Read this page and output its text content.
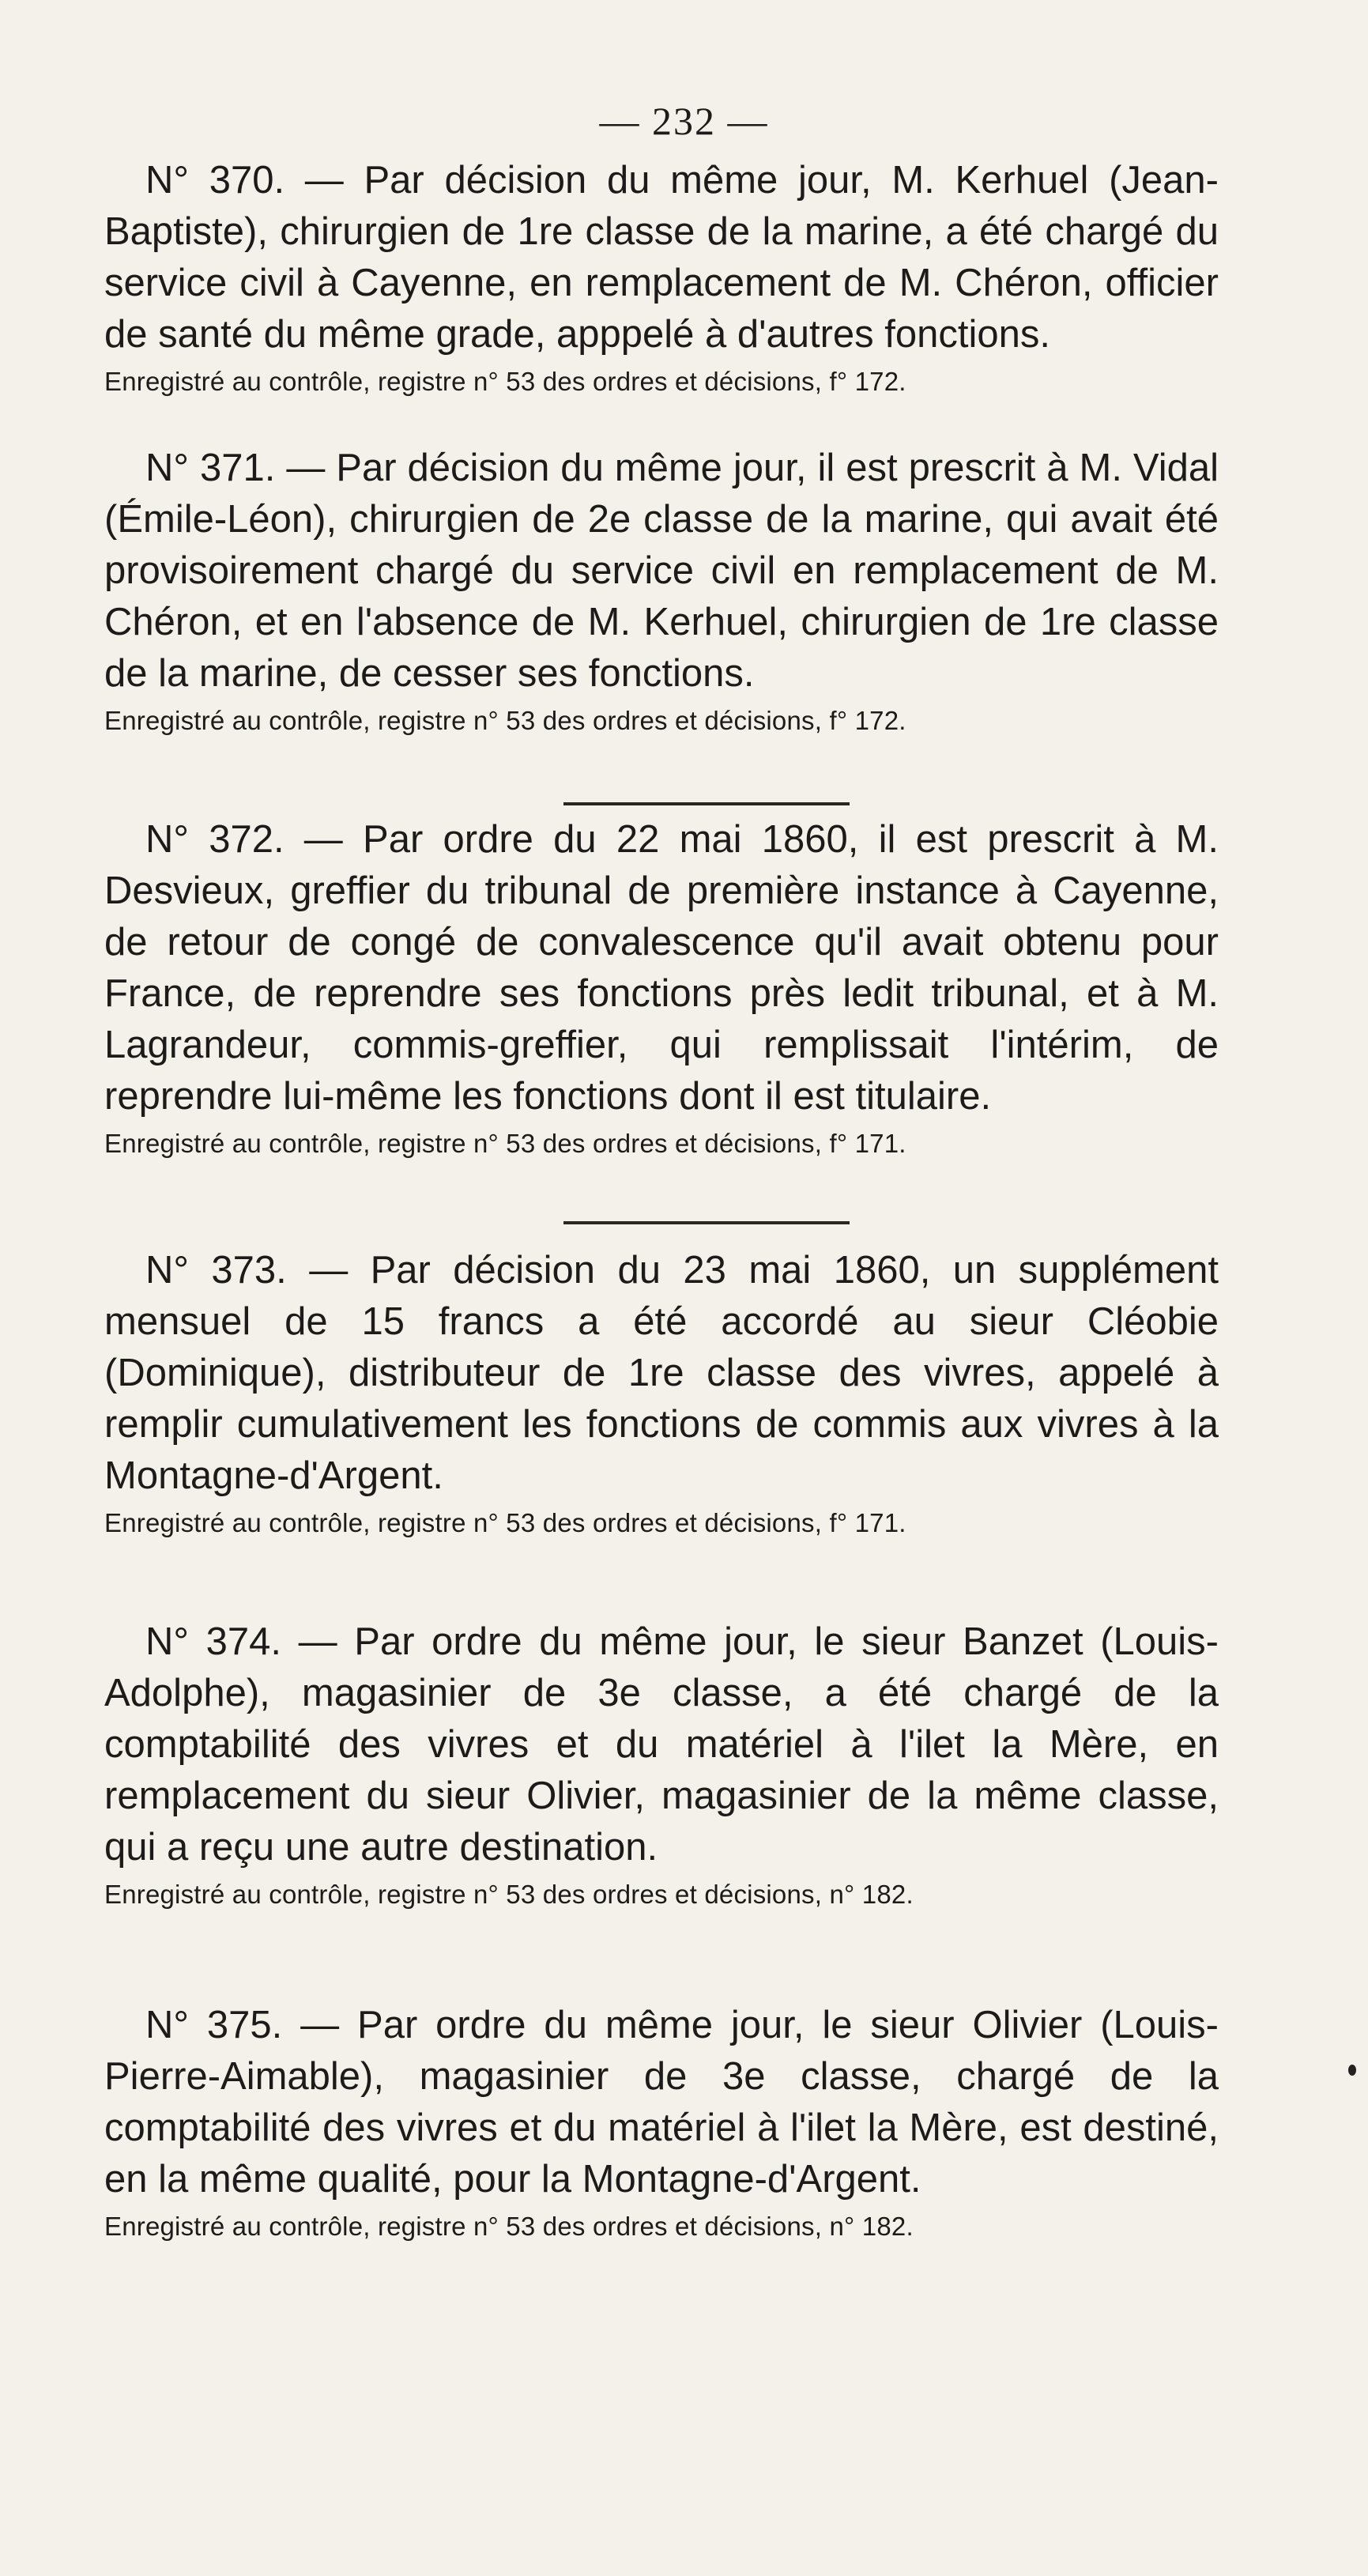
— 232 —

N° 370. — Par décision du même jour, M. Kerhuel (Jean-Baptiste), chirurgien de 1re classe de la marine, a été chargé du service civil à Cayenne, en remplacement de M. Chéron, officier de santé du même grade, apppelé à d'autres fonctions.

Enregistré au contrôle, registre n° 53 des ordres et décisions, f° 172.

N° 371. — Par décision du même jour, il est prescrit à M. Vidal (Émile-Léon), chirurgien de 2e classe de la marine, qui avait été provisoirement chargé du service civil en remplacement de M. Chéron, et en l'absence de M. Kerhuel, chirurgien de 1re classe de la marine, de cesser ses fonctions.

Enregistré au contrôle, registre n° 53 des ordres et décisions, f° 172.

N° 372. — Par ordre du 22 mai 1860, il est prescrit à M. Desvieux, greffier du tribunal de première instance à Cayenne, de retour de congé de convalescence qu'il avait obtenu pour France, de reprendre ses fonctions près ledit tribunal, et à M. Lagrandeur, commis-greffier, qui remplissait l'intérim, de reprendre lui-même les fonctions dont il est titulaire.

Enregistré au contrôle, registre n° 53 des ordres et décisions, f° 171.

N° 373. — Par décision du 23 mai 1860, un supplément mensuel de 15 francs a été accordé au sieur Cléobie (Dominique), distributeur de 1re classe des vivres, appelé à remplir cumulativement les fonctions de commis aux vivres à la Montagne-d'Argent.

Enregistré au contrôle, registre n° 53 des ordres et décisions, f° 171.

N° 374. — Par ordre du même jour, le sieur Banzet (Louis-Adolphe), magasinier de 3e classe, a été chargé de la comptabilité des vivres et du matériel à l'ilet la Mère, en remplacement du sieur Olivier, magasinier de la même classe, qui a reçu une autre destination.

Enregistré au contrôle, registre n° 53 des ordres et décisions, n° 182.

N° 375. — Par ordre du même jour, le sieur Olivier (Louis-Pierre-Aimable), magasinier de 3e classe, chargé de la comptabilité des vivres et du matériel à l'ilet la Mère, est destiné, en la même qualité, pour la Montagne-d'Argent.

Enregistré au contrôle, registre n° 53 des ordres et décisions, n° 182.
